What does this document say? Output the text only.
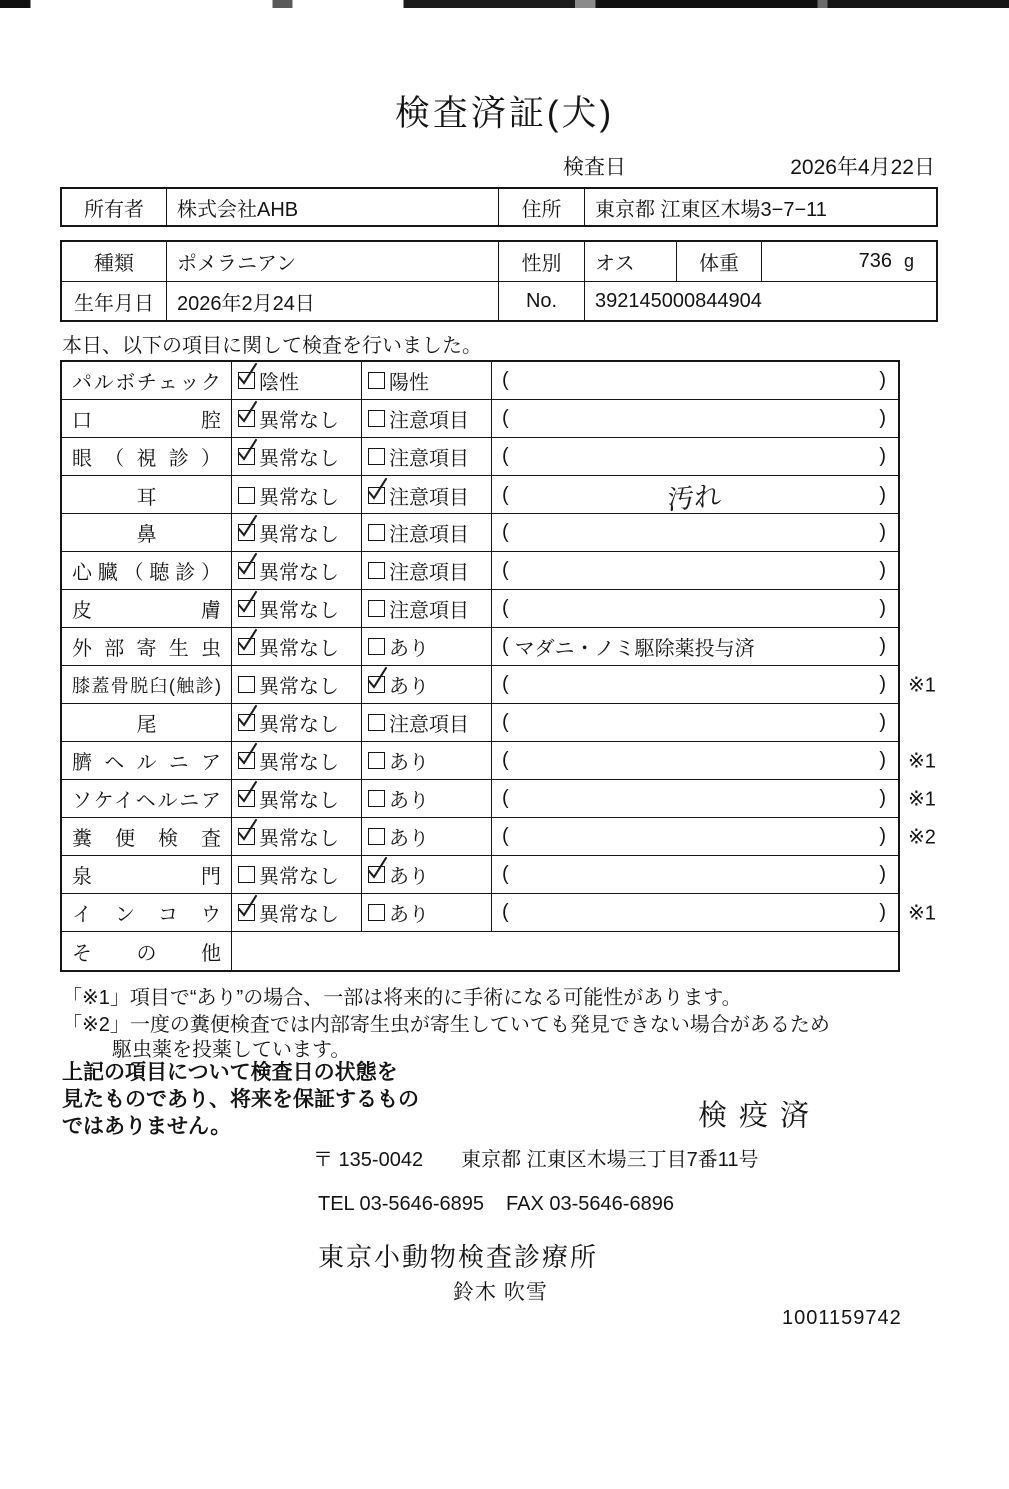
検査済証(犬)
検査日	2026年4月22日
所有者	株式会社AHB	住所	東京都 江東区木場3−7−11
種類	ポメラニアン	性別	オス	体重	736 g
生年月日	2026年2月24日	No.	392145000844904
本日、以下の項目に関して検査を行いました。
パルボチェック 陰性	陽性	(	)
口腔 異常なし	注意項目 (	)
眼（視診） 異常なし	注意項目 (	)
耳	異常なし	注意項目 (	汚れ	)
鼻	異常なし	注意項目 (	)
心臓（聴診） 異常なし	注意項目 (	)
皮膚 異常なし	注意項目 (	)
外部寄生虫 異常なし	あり	( マダニ・ノミ駆除薬投与済	)
膝蓋骨脱臼(触診) 異常なし	あり	(	) ※1
尾	異常なし	注意項目 (	)
臍ヘルニア 異常なし	あり	(	) ※1
ソケイヘルニア 異常なし	あり	(	) ※1
糞便検査 異常なし	あり	(	) ※2
泉門 異常なし	あり	(	)
インコウ 異常なし	あり	(	) ※1
その他
「※1」項目で“あり”の場合、一部は将来的に手術になる可能性があります。
「※2」一度の糞便検査では内部寄生虫が寄生していても発見できない場合があるため
駆虫薬を投薬しています。
上記の項目について検査日の状態を
見たものであり、将来を保証するもの
ではありません。	検疫済
〒 135-0042 東京都 江東区木場三丁目7番11号
TEL 03-5646-6895 FAX 03-5646-6896
東京小動物検査診療所
鈴木 吹雪
1001159742
